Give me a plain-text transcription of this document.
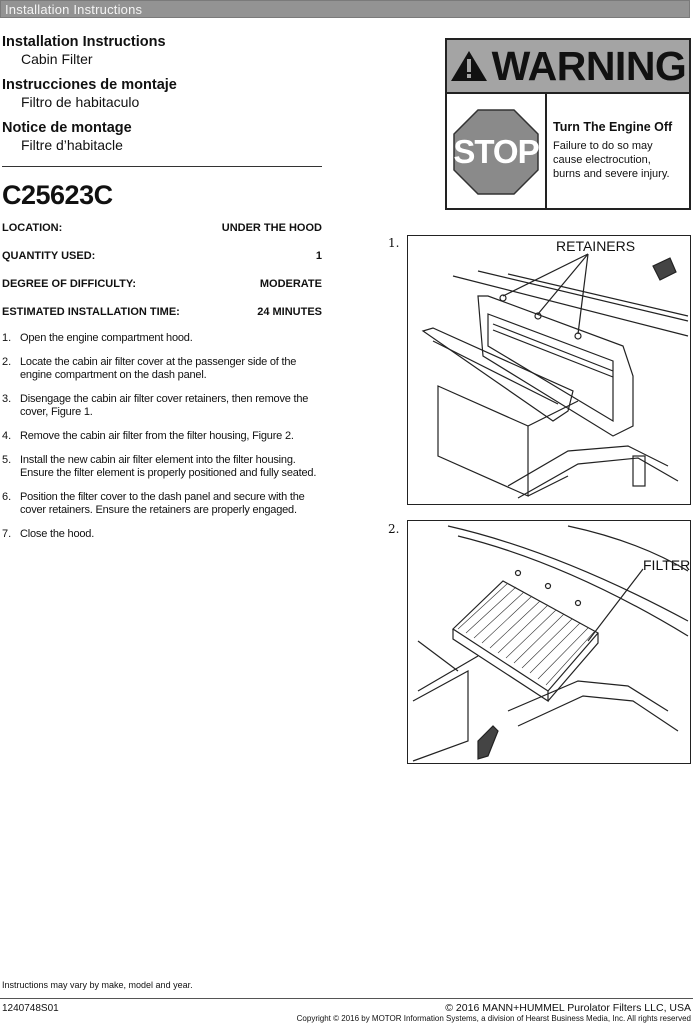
Installation Instructions
Installation Instructions
Cabin Filter
Instrucciones de montaje
Filtro de habitaculo
Notice de montage
Filtre d’habitacle
C25623C
LOCATION:	UNDER THE HOOD
QUANTITY USED:	1
DEGREE OF DIFFICULTY:	MODERATE
ESTIMATED INSTALLATION TIME:	24 MINUTES
1. Open the engine compartment hood.
2. Locate the cabin air filter cover at the passenger side of the engine compartment on the dash panel.
3. Disengage the cabin air filter cover retainers, then remove the cover, Figure 1.
4. Remove the cabin air filter from the filter housing, Figure 2.
5. Install the new cabin air filter element into the filter housing. Ensure the filter element is properly positioned and fully seated.
6. Position the filter cover to the dash panel and secure with the cover retainers. Ensure the retainers are properly engaged.
7. Close the hood.
WARNING
STOP
Turn The Engine Off
Failure to do so may
cause electrocution,
burns and severe injury.
1.	RETAINERS
2.
FILTER
Instructions may vary by make, model and year.
1240748S01	© 2016 MANN+HUMMEL Purolator Filters LLC, USA
Copyright © 2016 by MOTOR Information Systems, a division of Hearst Business Media, Inc. All rights reserved
